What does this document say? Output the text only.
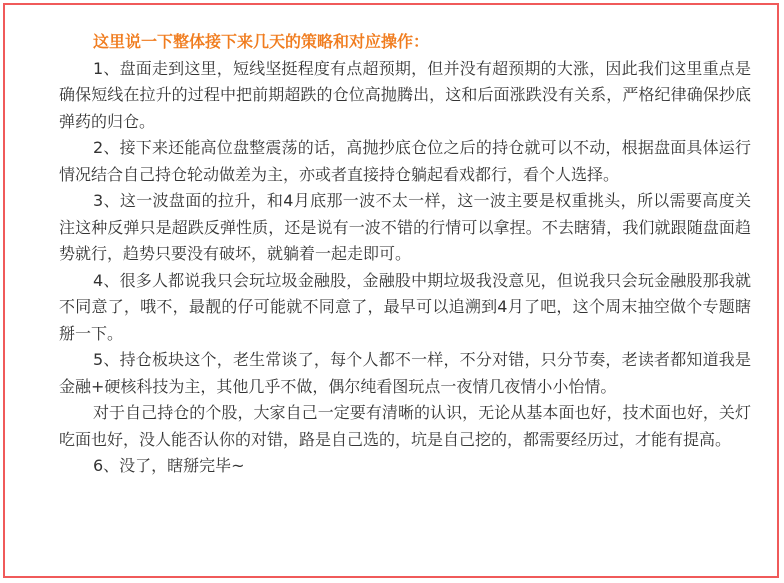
这里说一下整体接下来几天的策略和对应操作：

1、盘面走到这里，短线坚挺程度有点超预期，但并没有超预期的大涨，因此我们这里重点是确保短线在拉升的过程中把前期超跌的仓位高抛腾出，这和后面涨跌没有关系，严格纪律确保抄底弹药的归仓。

2、接下来还能高位盘整震荡的话，高抛抄底仓位之后的持仓就可以不动，根据盘面具体运行情况结合自己持仓轮动做差为主，亦或者直接持仓躺起看戏都行，看个人选择。

3、这一波盘面的拉升，和4月底那一波不太一样，这一波主要是权重挑头，所以需要高度关注这种反弹只是超跌反弹性质，还是说有一波不错的行情可以拿捏。不去瞎猜，我们就跟随盘面趋势就行，趋势只要没有破坏，就躺着一起走即可。

4、很多人都说我只会玩垃圾金融股，金融股中期垃圾我没意见，但说我只会玩金融股那我就不同意了，哦不，最靓的仔可能就不同意了，最早可以追溯到4月了吧，这个周末抽空做个专题瞎掰一下。

5、持仓板块这个，老生常谈了，每个人都不一样，不分对错，只分节奏，老读者都知道我是金融+硬核科技为主，其他几乎不做，偶尔纯看图玩点一夜情几夜情小小怡情。

对于自己持仓的个股，大家自己一定要有清晰的认识，无论从基本面也好，技术面也好，关灯吃面也好，没人能否认你的对错，路是自己选的，坑是自己挖的，都需要经历过，才能有提高。

6、没了，瞎掰完毕~
